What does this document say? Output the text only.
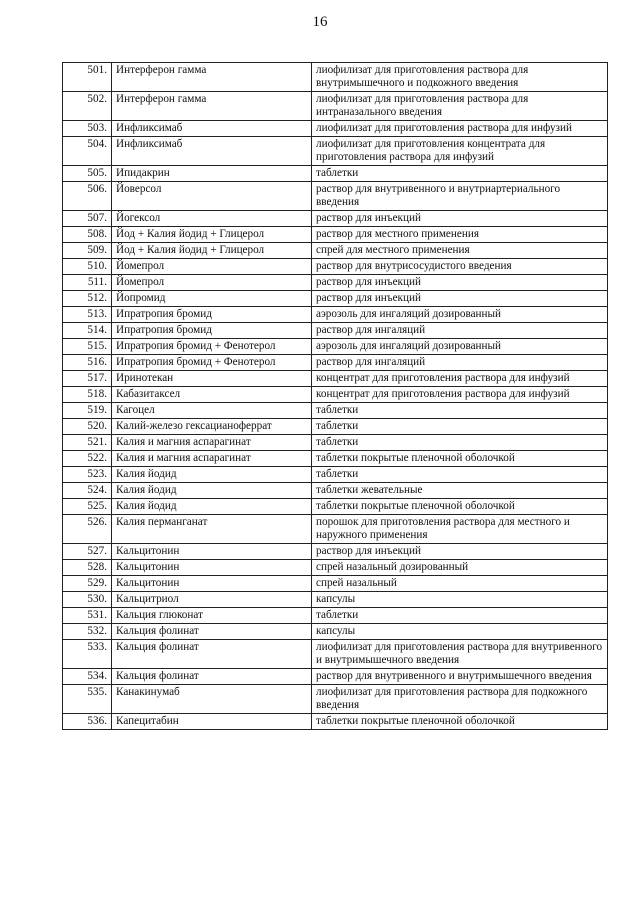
16
501.	Интерферон гамма	лиофилизат для приготовления раствора для внутримышечного и подкожного введения
502.	Интерферон гамма	лиофилизат для приготовления раствора для интраназального введения
503.	Инфликсимаб	лиофилизат для приготовления раствора для инфузий
504.	Инфликсимаб	лиофилизат для приготовления концентрата для приготовления раствора для инфузий
505.	Ипидакрин	таблетки
506.	Йоверсол	раствор для внутривенного и внутриартериального введения
507.	Йогексол	раствор для инъекций
508.	Йод + Калия йодид + Глицерол	раствор для местного применения
509.	Йод + Калия йодид + Глицерол	спрей для местного применения
510.	Йомепрол	раствор для внутрисосудистого введения
511.	Йомепрол	раствор для инъекций
512.	Йопромид	раствор для инъекций
513.	Ипратропия бромид	аэрозоль для ингаляций дозированный
514.	Ипратропия бромид	раствор для ингаляций
515.	Ипратропия бромид + Фенотерол	аэрозоль для ингаляций дозированный
516.	Ипратропия бромид + Фенотерол	раствор для ингаляций
517.	Иринотекан	концентрат для приготовления раствора для инфузий
518.	Кабазитаксел	концентрат для приготовления раствора для инфузий
519.	Кагоцел	таблетки
520.	Калий-железо гексацианоферрат	таблетки
521.	Калия и магния аспарагинат	таблетки
522.	Калия и магния аспарагинат	таблетки покрытые пленочной оболочкой
523.	Калия йодид	таблетки
524.	Калия йодид	таблетки жевательные
525.	Калия йодид	таблетки покрытые пленочной оболочкой
526.	Калия перманганат	порошок для приготовления раствора для местного и наружного применения
527.	Кальцитонин	раствор для инъекций
528.	Кальцитонин	спрей назальный дозированный
529.	Кальцитонин	спрей назальный
530.	Кальцитриол	капсулы
531.	Кальция глюконат	таблетки
532.	Кальция фолинат	капсулы
533.	Кальция фолинат	лиофилизат для приготовления раствора для внутривенного и внутримышечного введения
534.	Кальция фолинат	раствор для внутривенного и внутримышечного введения
535.	Канакинумаб	лиофилизат для приготовления раствора для подкожного введения
536.	Капецитабин	таблетки покрытые пленочной оболочкой
